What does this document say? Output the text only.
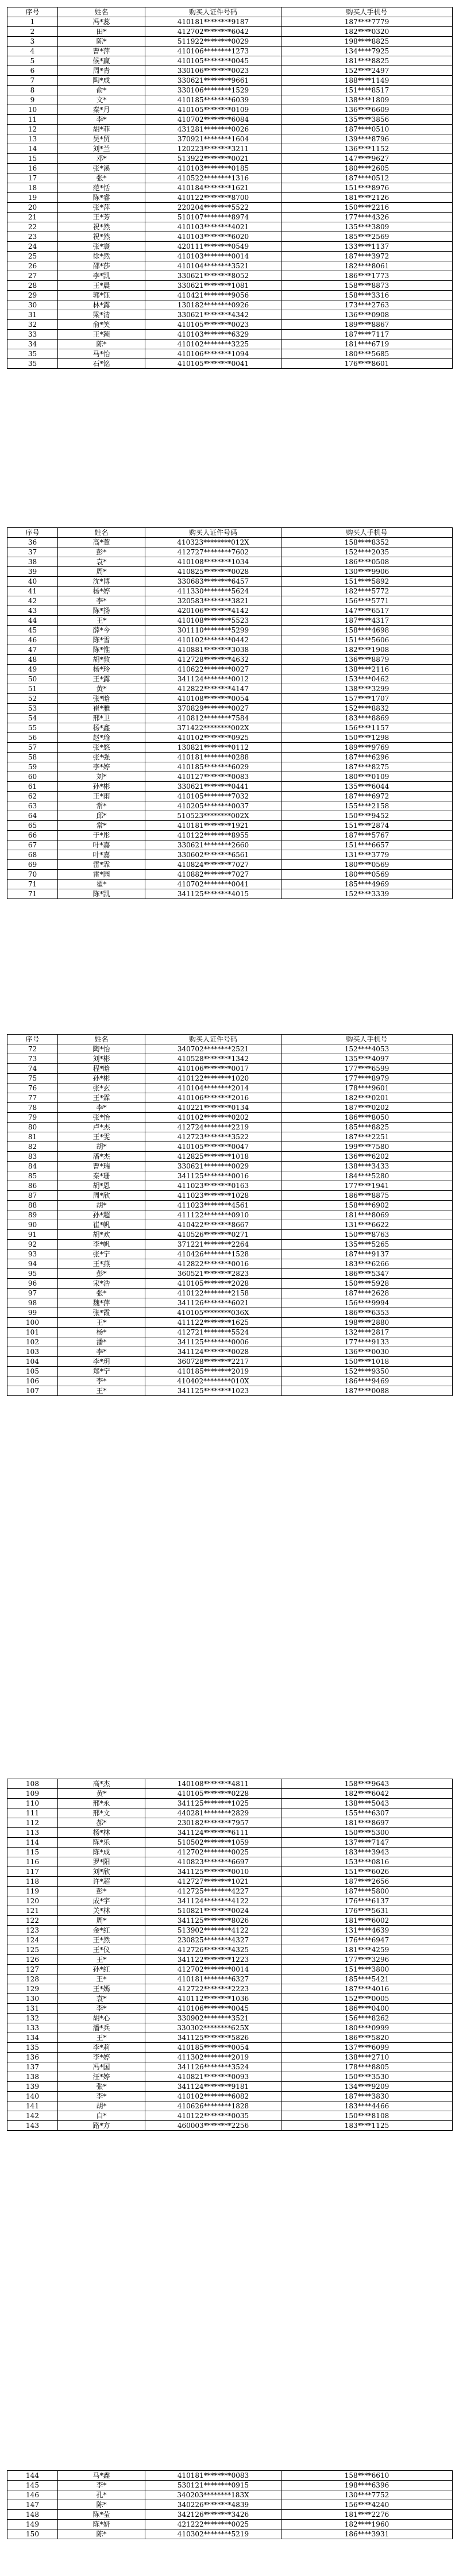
序号	姓名	购买人证件号码	购买人手机号
1	冯*蕊	410181********9187	187****7779
2	田*	412702********6042	182****0320
3	陈*	511922********0029	198****8825
4	曹*萍	410106********1273	134****7925
5	候*赢	410105********0045	181****8825
6	周*青	330106********0023	152****2497
7	陶*成	330621********9661	188****1149
8	俞*	330106********1529	151****8517
9	文*	410185********6039	138****1809
10	秦*月	410105********0109	136****6609
11	李*	410702********6084	135****3856
12	胡*菲	431281********0026	187****0510
13	吴*贸	370921********1604	139****8796
14	刘*兰	120223********3211	136****1152
15	邓*	513922********0021	147****9627
16	张*溪	410103********0185	180****2605
17	张*	410522********1316	187****0512
18	范*恬	410184********1621	151****8976
19	陈*睿	410122********8700	181****2126
20	张*萍	220204********5522	150****2216
21	王*芳	510107********8974	177****4326
22	祝*然	410103********4021	135****3809
23	祝*然	410103********6020	185****2569
24	张*寰	420111********0549	133****1137
25	徐*然	410103********0014	187****3972
26	邵*莎	410104********3521	182****8061
27	李*凯	330621********8052	186****1773
28	王*晨	330621********1081	158****8873
29	郭*钰	410421********9056	158****3316
30	林*露	130182********0926	173****2763
31	梁*清	330621********4342	136****0908
32	俞*笑	410105********0023	189****8867
33	王*颖	410103********6329	187****7117
34	陈*	410102********3225	181****6719
35	马*怡	410106********1094	180****5685
35	石*铭	410105********0041	176****8601
序号	姓名	购买人证件号码	购买人手机号
36	高*萱	410323********012X	158****8352
37	彭*	412727********7602	152****2035
38	袁*	410108********1034	186****0508
39	周*	410825********0028	130****9906
40	沈*博	330683********6457	151****5892
41	杨*婷	411330********5624	182****5772
42	李*	320583********3821	156****5771
43	陈*扬	420106********4142	147****6517
44	王*	410108********5523	187****4317
45	薛*今	301110********5299	158****4698
46	陈*雪	410102********0442	151****5606
47	陈*惟	410881********3038	182****1908
48	胡*敦	412728********4632	136****8879
49	杨*玲	410622********0027	138****2116
50	王*露	341124********0012	153****0462
51	黄*	412822********4147	138****3299
52	张*晗	410108********0054	157****1707
53	崔*雅	370829********0027	152****8832
54	邢*卫	410812********7584	183****8869
55	杨*鑫	371422********002X	156****1157
56	赵*瑜	410102********0925	150****1298
57	张*悠	130821********0112	189****9769
58	张*强	410181********0288	187****6296
59	李*婷	410185********6029	187****8275
60	刘*	410127********0083	180****0109
61	孙*彬	330621********0441	135****6044
62	王*雨	410105********7032	187****6972
63	常*	410205********0037	155****2158
64	邱*	510523********002X	150****9452
65	常*	410181********1921	151****2874
66	于*彤	410122********8955	187****5767
67	叶*嘉	330621********2660	151****6657
68	叶*嘉	330602********6561	131****3779
69	雷*霏	410824********7027	180****0569
70	雷*园	410882********7027	180****0569
71	翟*	410702********0041	185****4969
71	陈*凯	341125********4015	152****3339
序号	姓名	购买人证件号码	购买人手机号
72	陶*怡	340702********2521	152****4053
73	刘*彬	410528********1342	135****4097
74	程*晗	410106********0017	177****6599
75	孙*彬	410122********1020	177****8979
76	张*玄	410104********2014	178****9601
77	王*霖	410106********2016	182****0201
78	李*	410221********0134	187****0202
79	张*怡	410102********0202	186****8050
80	卢*杰	412724********2219	185****8825
81	王*雯	412723********3522	187****2251
82	胡*	410105********0047	199****7580
83	潘*杰	412825********1018	136****6202
84	曹*瑞	330621********0029	138****3433
85	秦*珊	341125********0016	184****5280
86	胡*恩	411023********0163	177****1941
87	周*欣	411023********1028	186****8875
88	胡*	411023********4561	158****6902
89	孙*超	411122********0910	181****8069
90	崔*帆	410422********8667	131****6622
91	胡*欢	410526********0271	150****8763
92	李*帆	371221********2264	135****5265
93	张*宁	410426********1528	187****9137
94	王*燕	412822********0016	183****6266
95	彭*	360521********2823	186****5347
96	宋*浩	410105********2028	150****5928
97	张*	410122********2158	187****2628
98	魏*萍	341126********6021	156****9994
99	张*霞	410105********036X	186****6353
100	王*	411122********1625	198****2880
101	杨*	412721********5524	132****2817
102	潘*	341125********0006	177****9133
103	李*	341124********0028	136****0030
104	李*玥	360728********2217	150****1018
105	郑*宁	410185********2019	152****9350
106	李*	410402********010X	186****9469
107	王*	341125********1023	187****0088
108	高*杰	140108********4811	158****9643
109	黄*	410105********0228	182****6042
110	邢*永	341125********1025	138****5043
111	邢*文	440281********2829	155****6307
112	郝*	230182********7957	181****8697
113	杨*林	341124********6111	150****5300
114	陈*乐	510502********1059	137****7147
115	陈*成	412702********0025	183****3943
116	罗*阳	410823********6697	153****0816
117	刘*欣	341125********0010	151****6026
118	许*超	412727********1021	187****2656
119	彭*	412725********4227	187****5800
120	成*宇	341124********4122	176****6137
121	关*林	510821********0024	176****5631
122	周*	341125********8026	181****6002
123	金*红	513902********4122	131****4639
124	王*然	230825********4327	176****6947
125	王*仪	412726********4325	181****4259
126	王*	341122********1223	177****3296
127	孙*红	412702********0014	151****3800
128	王*	410181********6327	185****5421
129	王*嫣	412722********2223	187****4016
130	袁*	410112********1036	152****0005
131	李*	410106********0045	186****0400
132	胡*心	330902********3521	156****8262
133	潘*兵	330302********625X	180****0999
134	王*	341125********5826	186****5820
135	李*莉	410185********0054	137****6099
136	李*婷	411302********2019	138****2710
137	冯*国	341126********3524	178****8805
138	汪*婷	410821********0093	150****3530
139	张*	341124********9181	134****9209
140	李*	410102********6082	187****3830
141	胡*	410626********1828	183****4466
142	白*	410122********0035	150****8108
143	路*方	460003********2256	183****1125
144	马*鑫	410181********0083	158****6610
145	李*	530121********0915	198****6396
146	孔*	340203********183X	130****7752
147	陈*	340226********4839	156****4240
148	陈*莹	342126********3426	181****2276
149	陈*妍	421222********0025	182****1960
150	陈*	410302********5219	186****3931
